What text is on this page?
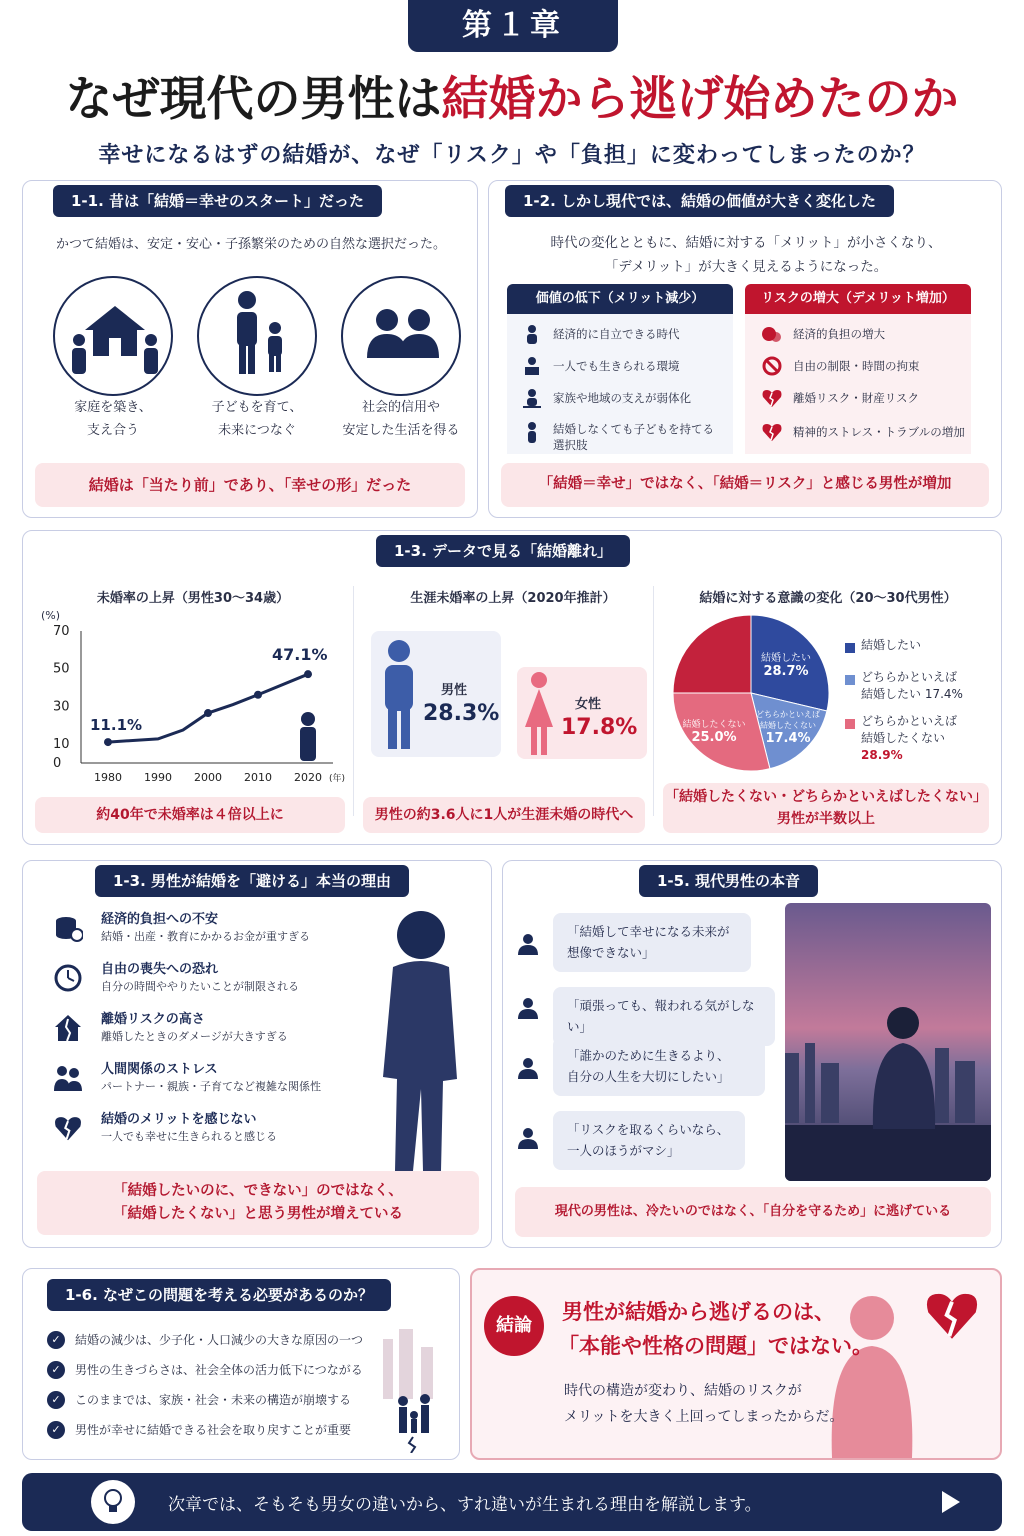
第１章
なぜ現代の男性は結婚から逃げ始めたのか
幸せになるはずの結婚が、なぜ「リスク」や「負担」に変わってしまったのか？
1-1. 昔は「結婚＝幸せのスタート」だった
かつて結婚は、安定・安心・子孫繁栄のための自然な選択だった。
家庭を築き、
支え合う
子どもを育て、
未来につなぐ
社会的信用や
安定した生活を得る
結婚は「当たり前」であり、「幸せの形」だった
1-2. しかし現代では、結婚の価値が大きく変化した
時代の変化とともに、結婚に対する「メリット」が小さくなり、
「デメリット」が大きく見えるようになった。
価値の低下（メリット減少）	リスクの増大（デメリット増加）
経済的に自立できる時代
一人でも生きられる環境
家族や地域の支えが弱体化
結婚しなくても子どもを持てる
選択肢
経済的負担の増大
自由の制限・時間の拘束
離婚リスク・財産リスク
精神的ストレス・トラブルの増加
「結婚＝幸せ」ではなく、「結婚＝リスク」と感じる男性が増加
1-3. データで見る「結婚離れ」
未婚率の上昇（男性30〜34歳）
(%)
70
50
30
10
0
1980 1990 2000 2010 2020 (年)
11.1%
47.1%
約40年で未婚率は４倍以上に
生涯未婚率の上昇（2020年推計）
男性
28.3%	女性
17.8%
男性の約3.6人に1人が生涯未婚の時代へ
結婚に対する意識の変化（20〜30代男性）
結婚したい
28.7%
どちらかといえば
結婚したくない
17.4%
結婚したくない
25.0%
結婚したい
どちらかといえば
結婚したい 17.4%
どちらかといえば
結婚したくない
28.9%
「結婚したくない・どちらかといえばしたくない」
男性が半数以上
1-3. 男性が結婚を「避ける」本当の理由
経済的負担への不安
結婚・出産・教育にかかるお金が重すぎる
自由の喪失への恐れ
自分の時間ややりたいことが制限される
離婚リスクの高さ
離婚したときのダメージが大きすぎる
人間関係のストレス
パートナー・親族・子育てなど複雑な関係性
結婚のメリットを感じない
一人でも幸せに生きられると感じる
「結婚したいのに、できない」のではなく、
「結婚したくない」と思う男性が増えている
1-5. 現代男性の本音
「結婚して幸せになる未来が
想像できない」
「頑張っても、報われる気がしない」
「誰かのために生きるより、
自分の人生を大切にしたい」
「リスクを取るくらいなら、
一人のほうがマシ」
現代の男性は、冷たいのではなく、「自分を守るため」に逃げている
1-6. なぜこの問題を考える必要があるのか？
✓
✓
✓
✓
結婚の減少は、少子化・人口減少の大きな原因の一つ
男性の生きづらさは、社会全体の活力低下につながる
このままでは、家族・社会・未来の構造が崩壊する
男性が幸せに結婚できる社会を取り戻すことが重要
結論
男性が結婚から逃げるのは、
「本能や性格の問題」ではない。
時代の構造が変わり、結婚のリスクが
メリットを大きく上回ってしまったからだ。
次章では、そもそも男女の違いから、すれ違いが生まれる理由を解説します。
